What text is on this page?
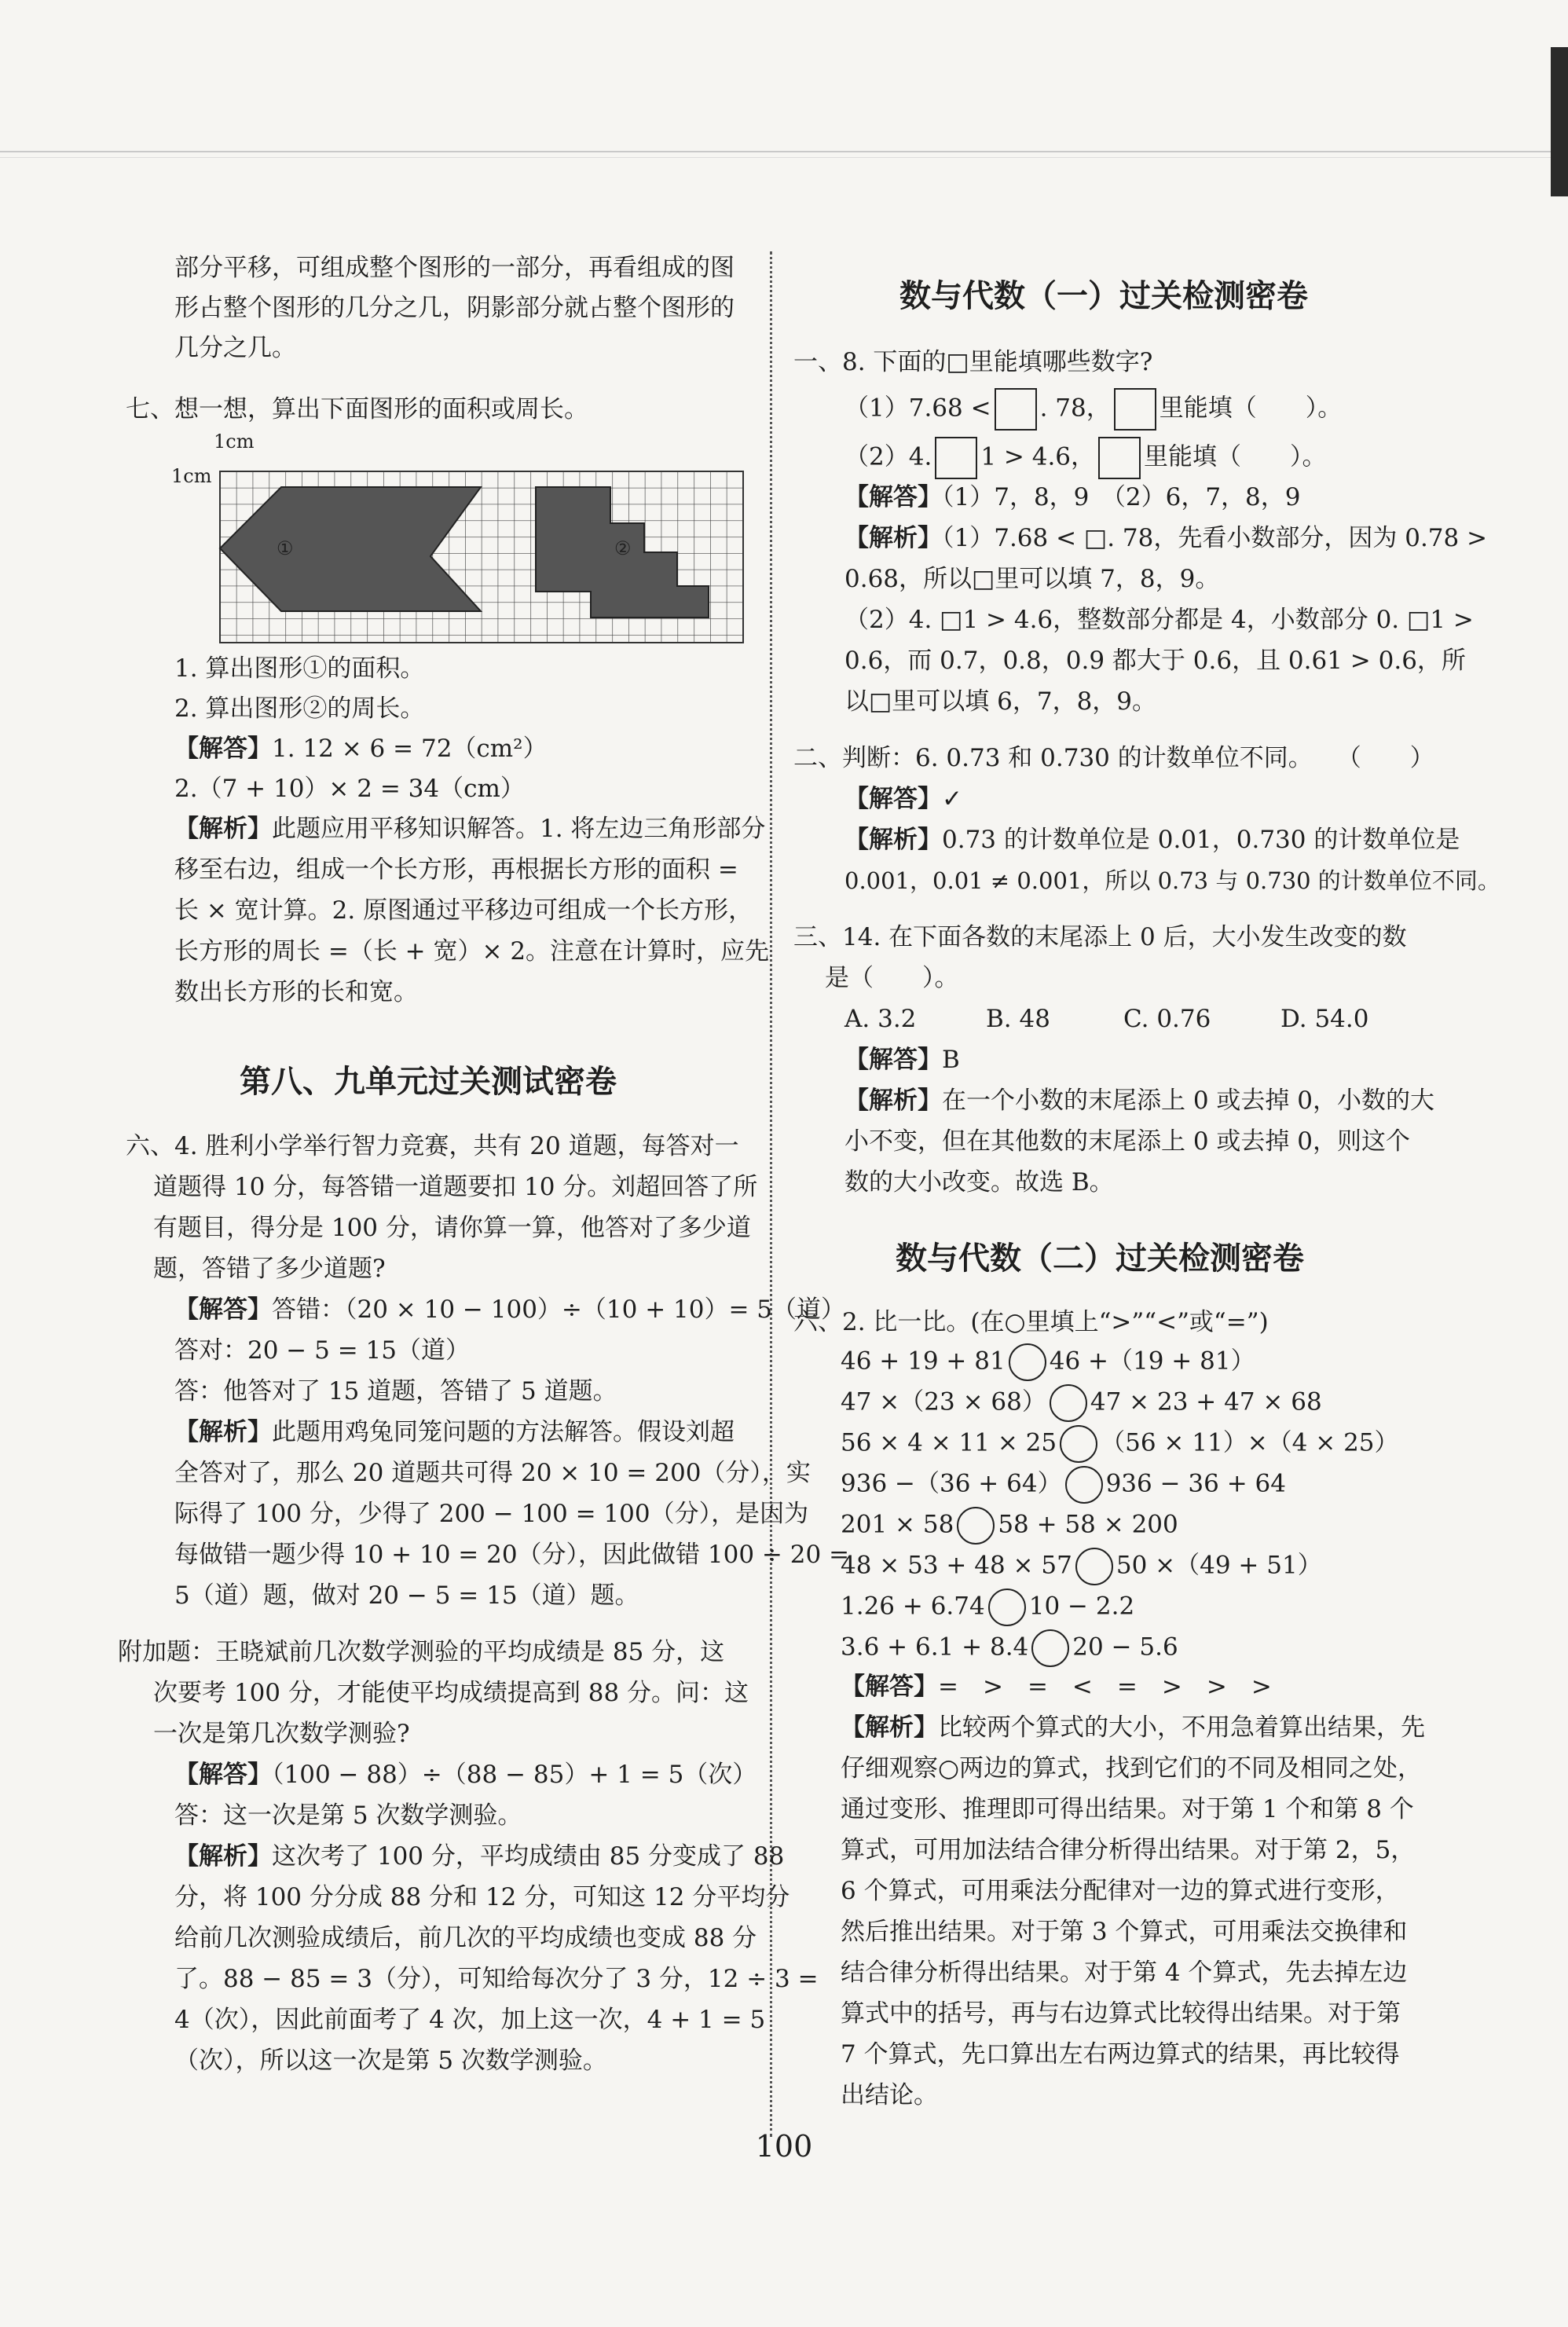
部分平移，可组成整个图形的一部分，再看组成的图
形占整个图形的几分之几，阴影部分就占整个图形的
几分之几。
七、想一想，算出下面图形的面积或周长。
1cm
1cm
①	②
1. 算出图形①的面积。
2. 算出图形②的周长。
【解答】1. 12 × 6 = 72（cm²）
2.（7 + 10）× 2 = 34（cm）
【解析】此题应用平移知识解答。1. 将左边三角形部分
移至右边，组成一个长方形，再根据长方形的面积 =
长 × 宽计算。2. 原图通过平移边可组成一个长方形，
长方形的周长 =（长 + 宽）× 2。注意在计算时，应先
数出长方形的长和宽。
第八、九单元过关测试密卷
六、4. 胜利小学举行智力竞赛，共有 20 道题，每答对一
道题得 10 分，每答错一道题要扣 10 分。刘超回答了所
有题目，得分是 100 分，请你算一算，他答对了多少道
题，答错了多少道题?
【解答】答错：（20 × 10 − 100）÷（10 + 10）= 5（道）
答对：20 − 5 = 15（道）
答：他答对了 15 道题，答错了 5 道题。
【解析】此题用鸡兔同笼问题的方法解答。假设刘超
全答对了，那么 20 道题共可得 20 × 10 = 200（分），实
际得了 100 分，少得了 200 − 100 = 100（分），是因为
每做错一题少得 10 + 10 = 20（分），因此做错 100 ÷ 20 =
5（道）题，做对 20 − 5 = 15（道）题。
附加题：王晓斌前几次数学测验的平均成绩是 85 分，这
次要考 100 分，才能使平均成绩提高到 88 分。问：这
一次是第几次数学测验?
【解答】（100 − 88）÷（88 − 85）+ 1 = 5（次）
答：这一次是第 5 次数学测验。
【解析】这次考了 100 分，平均成绩由 85 分变成了 88
分，将 100 分分成 88 分和 12 分，可知这 12 分平均分
给前几次测验成绩后，前几次的平均成绩也变成 88 分
了。88 − 85 = 3（分），可知给每次分了 3 分，12 ÷ 3 =
4（次），因此前面考了 4 次，加上这一次，4 + 1 = 5
（次），所以这一次是第 5 次数学测验。
数与代数（一）过关检测密卷
一、8. 下面的□里能填哪些数字?
（1）7.68 < . 78， 里能填（　　）。
（2）4. 1 > 4.6， 里能填（　　）。
【解答】（1）7，8，9　（2）6，7，8，9
【解析】（1）7.68 < □. 78，先看小数部分，因为 0.78 >
0.68，所以□里可以填 7，8，9。
（2）4. □1 > 4.6，整数部分都是 4，小数部分 0. □1 >
0.6，而 0.7，0.8，0.9 都大于 0.6，且 0.61 > 0.6，所
以□里可以填 6，7，8，9。
二、判断：6. 0.73 和 0.730 的计数单位不同。　　（　　）
【解答】✓
【解析】0.73 的计数单位是 0.01，0.730 的计数单位是
0.001，0.01 ≠ 0.001，所以 0.73 与 0.730 的计数单位不同。
三、14. 在下面各数的末尾添上 0 后，大小发生改变的数
是（　　）。
A. 3.2	B. 48	C. 0.76	D. 54.0
【解答】B
【解析】在一个小数的末尾添上 0 或去掉 0，小数的大
小不变，但在其他数的末尾添上 0 或去掉 0，则这个
数的大小改变。故选 B。
数与代数（二）过关检测密卷
六、2. 比一比。(在○里填上“>”“<”或“=”)
46 + 19 + 81 46 +（19 + 81）
47 ×（23 × 68） 47 × 23 + 47 × 68
56 × 4 × 11 × 25 （56 × 11）×（4 × 25）
936 −（36 + 64） 936 − 36 + 64
201 × 58 58 + 58 × 200
48 × 53 + 48 × 57 50 ×（49 + 51）
1.26 + 6.74 10 − 2.2
3.6 + 6.1 + 8.4 20 − 5.6
【解答】=　>　=　<　=　>　>　>
【解析】比较两个算式的大小，不用急着算出结果，先
仔细观察○两边的算式，找到它们的不同及相同之处，
通过变形、推理即可得出结果。对于第 1 个和第 8 个
算式，可用加法结合律分析得出结果。对于第 2，5，
6 个算式，可用乘法分配律对一边的算式进行变形，
然后推出结果。对于第 3 个算式，可用乘法交换律和
结合律分析得出结果。对于第 4 个算式，先去掉左边
算式中的括号，再与右边算式比较得出结果。对于第
7 个算式，先口算出左右两边算式的结果，再比较得
出结论。
100
